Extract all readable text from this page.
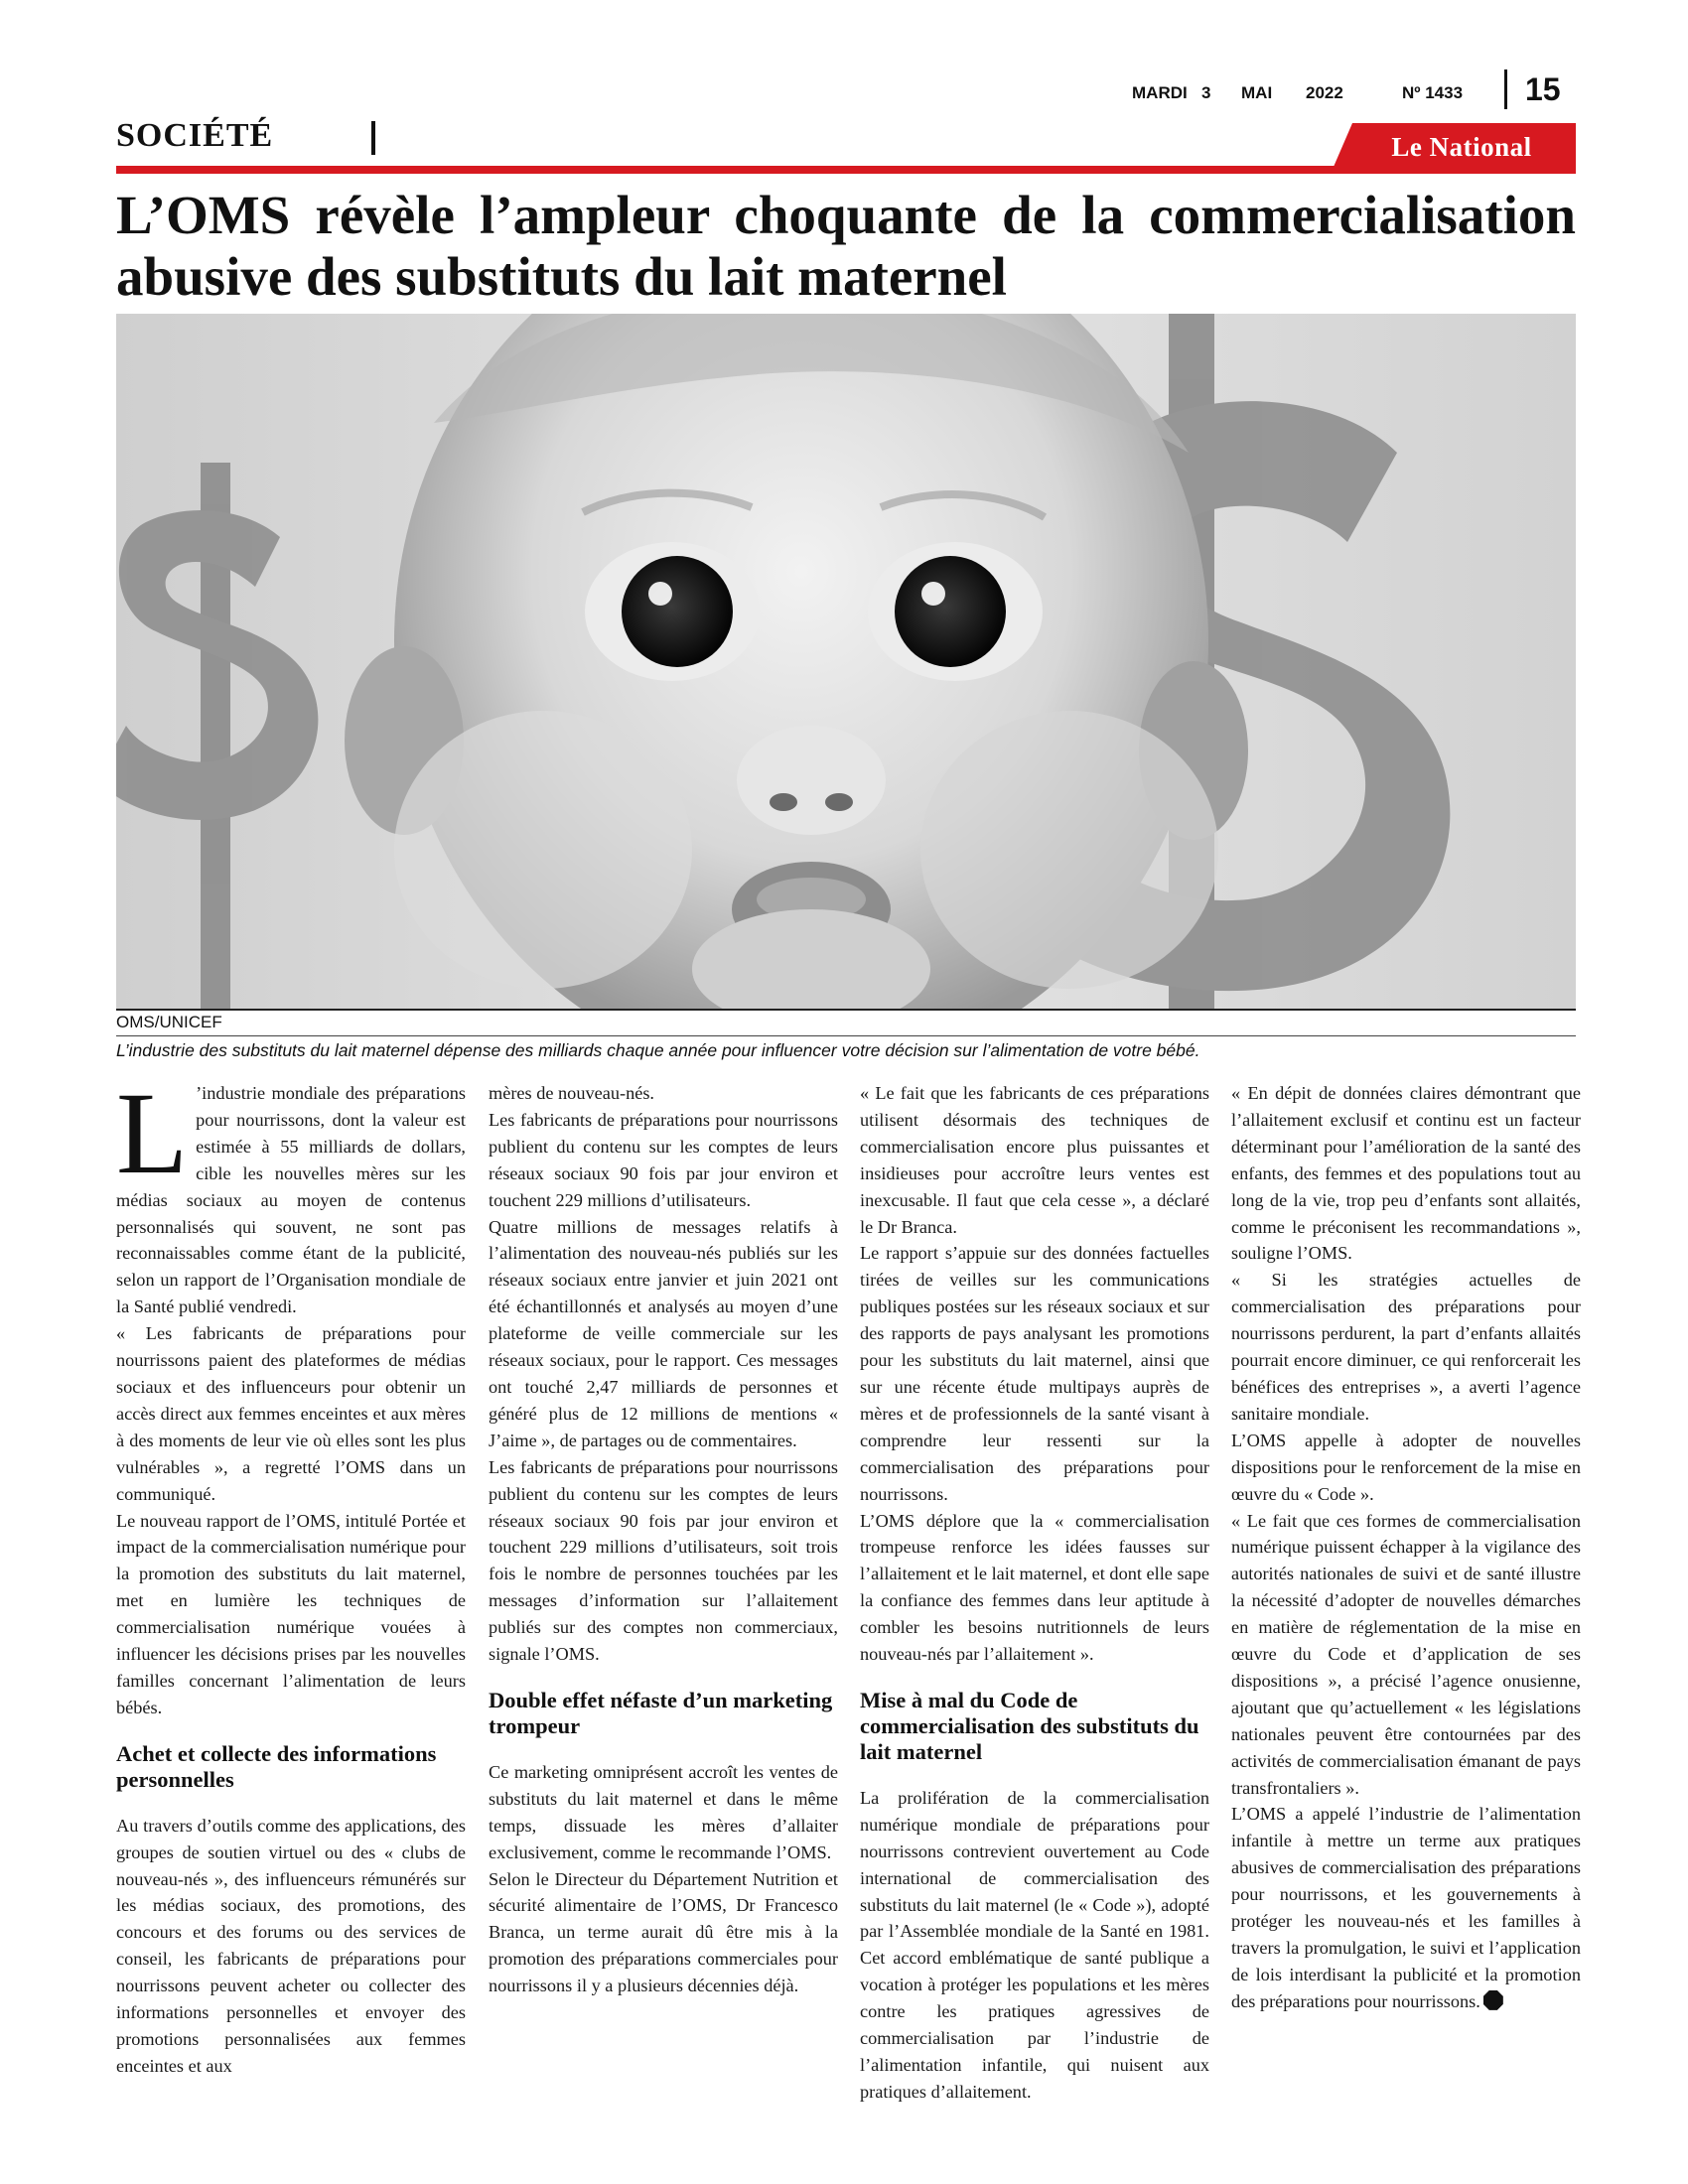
MARDI 3 MAI 2022	Nº 1433	15
SOCIÉTÉ	Le National
L’OMS révèle l’ampleur choquante de la commercialisation abusive des substituts du lait maternel
OMS/UNICEF
L’industrie des substituts du lait maternel dépense des milliards chaque année pour influencer votre décision sur l’alimentation de votre bébé.

L ’industrie mondiale des préparations pour nourrissons, dont la valeur est estimée à 55 milliards de dollars, cible les nouvelles mères sur les médias sociaux au moyen de contenus personnalisés qui souvent, ne sont pas reconnaissables comme étant de la publicité, selon un rapport de l’Organisation mondiale de la Santé publié vendredi.

« Les fabricants de préparations pour nourrissons paient des plateformes de médias sociaux et des influenceurs pour obtenir un accès direct aux femmes enceintes et aux mères à des moments de leur vie où elles sont les plus vulnérables », a regretté l’OMS dans un communiqué.

Le nouveau rapport de l’OMS, intitulé Portée et impact de la commercialisation numérique pour la promotion des substituts du lait maternel, met en lumière les techniques de commercialisation numérique vouées à influencer les décisions prises par les nouvelles familles concernant l’alimentation de leurs bébés.

Achet et collecte des informations personnelles

Au travers d’outils comme des applications, des groupes de soutien virtuel ou des « clubs de nouveau-nés », des influenceurs rémunérés sur les médias sociaux, des promotions, des concours et des forums ou des services de conseil, les fabricants de préparations pour nourrissons peuvent acheter ou collecter des informations personnelles et envoyer des promotions personnalisées aux femmes enceintes et aux

mères de nouveau-nés.

Les fabricants de préparations pour nourrissons publient du contenu sur les comptes de leurs réseaux sociaux 90 fois par jour environ et touchent 229 millions d’utilisateurs.

Quatre millions de messages relatifs à l’alimentation des nouveau-nés publiés sur les réseaux sociaux entre janvier et juin 2021 ont été échantillonnés et analysés au moyen d’une plateforme de veille commerciale sur les réseaux sociaux, pour le rapport. Ces messages ont touché 2,47 milliards de personnes et généré plus de 12 millions de mentions « J’aime », de partages ou de commentaires.

Les fabricants de préparations pour nourrissons publient du contenu sur les comptes de leurs réseaux sociaux 90 fois par jour environ et touchent 229 millions d’utilisateurs, soit trois fois le nombre de personnes touchées par les messages d’information sur l’allaitement publiés sur des comptes non commerciaux, signale l’OMS.

Double effet néfaste d’un marketing trompeur

Ce marketing omniprésent accroît les ventes de substituts du lait maternel et dans le même temps, dissuade les mères d’allaiter exclusivement, comme le recommande l’OMS.

Selon le Directeur du Département Nutrition et sécurité alimentaire de l’OMS, Dr Francesco Branca, un terme aurait dû être mis à la promotion des préparations commerciales pour nourrissons il y a plusieurs décennies déjà.

« Le fait que les fabricants de ces préparations utilisent désormais des techniques de commercialisation encore plus puissantes et insidieuses pour accroître leurs ventes est inexcusable. Il faut que cela cesse », a déclaré le Dr Branca.

Le rapport s’appuie sur des données factuelles tirées de veilles sur les communications publiques postées sur les réseaux sociaux et sur des rapports de pays analysant les promotions pour les substituts du lait maternel, ainsi que sur une récente étude multipays auprès de mères et de professionnels de la santé visant à comprendre leur ressenti sur la commercialisation des préparations pour nourrissons.

L’OMS déplore que la « commercialisation trompeuse renforce les idées fausses sur l’allaitement et le lait maternel, et dont elle sape la confiance des femmes dans leur aptitude à combler les besoins nutritionnels de leurs nouveau-nés par l’allaitement ».

Mise à mal du Code de commercialisation des substituts du lait maternel

La prolifération de la commercialisation numérique mondiale de préparations pour nourrissons contrevient ouvertement au Code international de commercialisation des substituts du lait maternel (le « Code »), adopté par l’Assemblée mondiale de la Santé en 1981. Cet accord emblématique de santé publique a vocation à protéger les populations et les mères contre les pratiques agressives de commercialisation par l’industrie de l’alimentation infantile, qui nuisent aux pratiques d’allaitement.

« En dépit de données claires démontrant que l’allaitement exclusif et continu est un facteur déterminant pour l’amélioration de la santé des enfants, des femmes et des populations tout au long de la vie, trop peu d’enfants sont allaités, comme le préconisent les recommandations », souligne l’OMS.

« Si les stratégies actuelles de commercialisation des préparations pour nourrissons perdurent, la part d’enfants allaités pourrait encore diminuer, ce qui renforcerait les bénéfices des entreprises », a averti l’agence sanitaire mondiale.

L’OMS appelle à adopter de nouvelles dispositions pour le renforcement de la mise en œuvre du « Code ».

« Le fait que ces formes de commercialisation numérique puissent échapper à la vigilance des autorités nationales de suivi et de santé illustre la nécessité d’adopter de nouvelles démarches en matière de réglementation de la mise en œuvre du Code et d’application de ses dispositions », a précisé l’agence onusienne, ajoutant que qu’actuellement « les législations nationales peuvent être contournées par des activités de commercialisation émanant de pays transfrontaliers ».

L’OMS a appelé l’industrie de l’alimentation infantile à mettre un terme aux pratiques abusives de commercialisation des préparations pour nourrissons, et les gouvernements à protéger les nouveau-nés et les familles à travers la promulgation, le suivi et l’application de lois interdisant la publicité et la promotion des préparations pour nourrissons.
